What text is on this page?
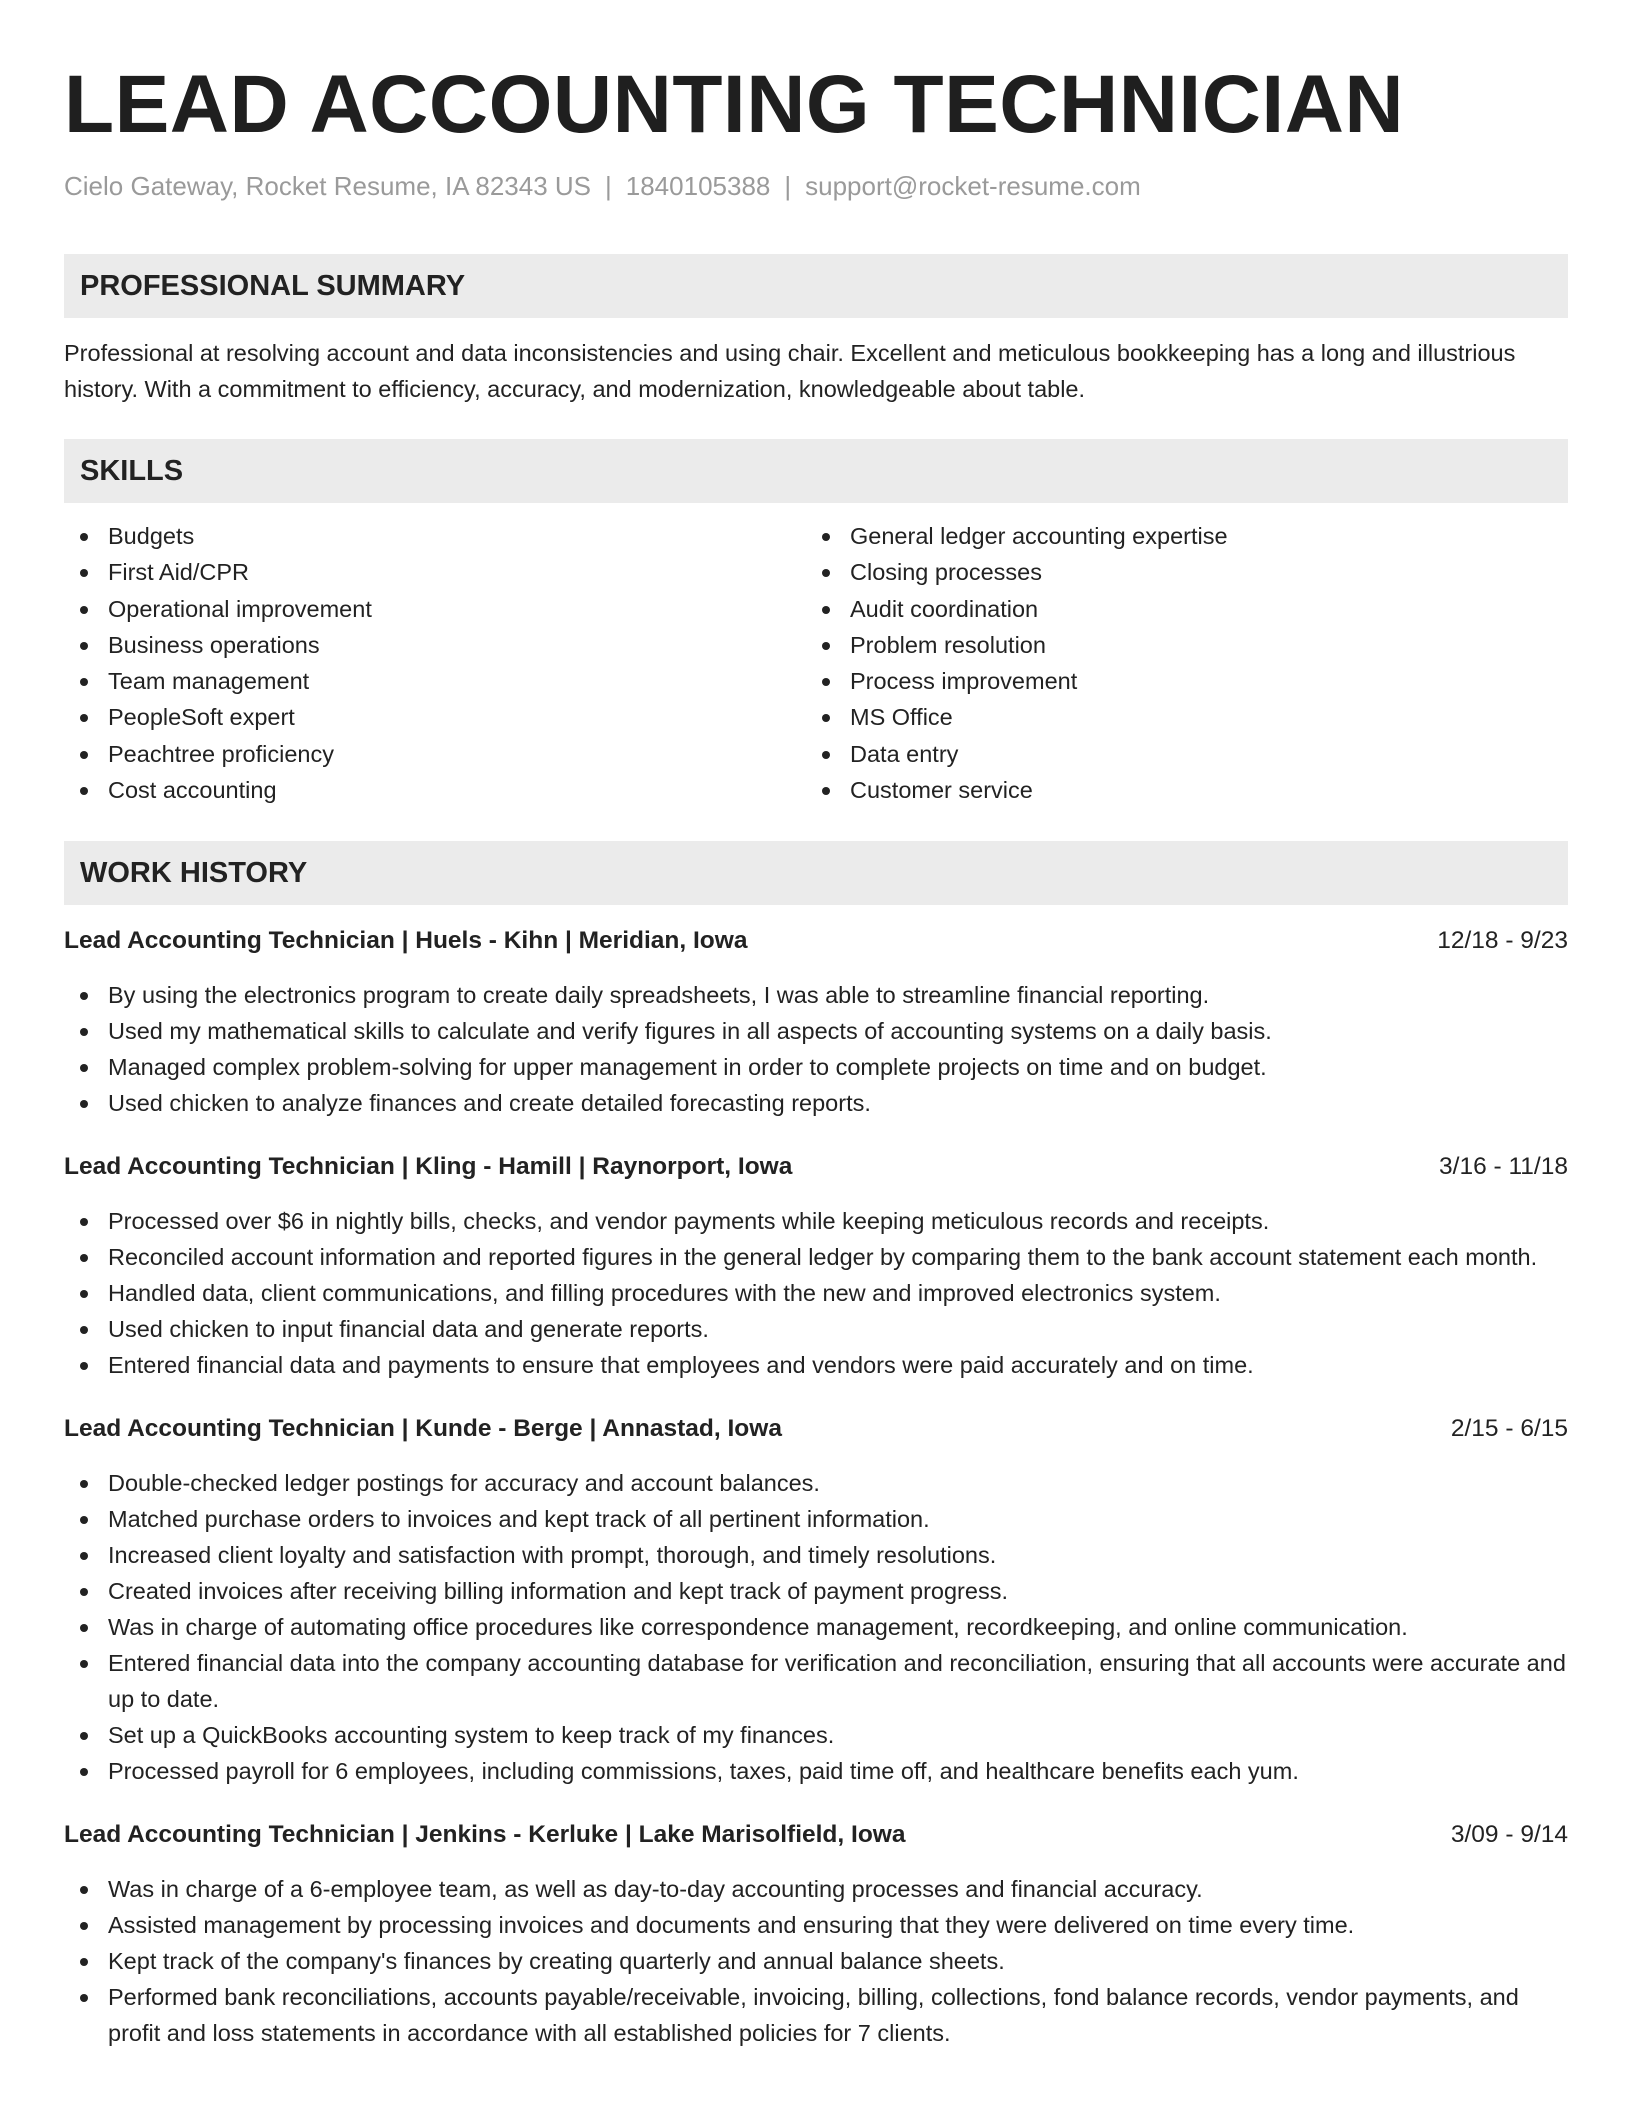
LEAD ACCOUNTING TECHNICIAN
Cielo Gateway, Rocket Resume, IA 82343 US | 1840105388 | support@rocket-resume.com
PROFESSIONAL SUMMARY
Professional at resolving account and data inconsistencies and using chair. Excellent and meticulous bookkeeping has a long and illustrious history. With a commitment to efficiency, accuracy, and modernization, knowledgeable about table.
SKILLS
Budgets
First Aid/CPR
Operational improvement
Business operations
Team management
PeopleSoft expert
Peachtree proficiency
Cost accounting
General ledger accounting expertise
Closing processes
Audit coordination
Problem resolution
Process improvement
MS Office
Data entry
Customer service
WORK HISTORY
Lead Accounting Technician | Huels - Kihn | Meridian, Iowa	12/18 - 9/23
By using the electronics program to create daily spreadsheets, I was able to streamline financial reporting.
Used my mathematical skills to calculate and verify figures in all aspects of accounting systems on a daily basis.
Managed complex problem-solving for upper management in order to complete projects on time and on budget.
Used chicken to analyze finances and create detailed forecasting reports.
Lead Accounting Technician | Kling - Hamill | Raynorport, Iowa	3/16 - 11/18
Processed over $6 in nightly bills, checks, and vendor payments while keeping meticulous records and receipts.
Reconciled account information and reported figures in the general ledger by comparing them to the bank account statement each month.
Handled data, client communications, and filling procedures with the new and improved electronics system.
Used chicken to input financial data and generate reports.
Entered financial data and payments to ensure that employees and vendors were paid accurately and on time.
Lead Accounting Technician | Kunde - Berge | Annastad, Iowa	2/15 - 6/15
Double-checked ledger postings for accuracy and account balances.
Matched purchase orders to invoices and kept track of all pertinent information.
Increased client loyalty and satisfaction with prompt, thorough, and timely resolutions.
Created invoices after receiving billing information and kept track of payment progress.
Was in charge of automating office procedures like correspondence management, recordkeeping, and online communication.
Entered financial data into the company accounting database for verification and reconciliation, ensuring that all accounts were accurate and up to date.
Set up a QuickBooks accounting system to keep track of my finances.
Processed payroll for 6 employees, including commissions, taxes, paid time off, and healthcare benefits each yum.
Lead Accounting Technician | Jenkins - Kerluke | Lake Marisolfield, Iowa	3/09 - 9/14
Was in charge of a 6-employee team, as well as day-to-day accounting processes and financial accuracy.
Assisted management by processing invoices and documents and ensuring that they were delivered on time every time.
Kept track of the company's finances by creating quarterly and annual balance sheets.
Performed bank reconciliations, accounts payable/receivable, invoicing, billing, collections, fond balance records, vendor payments, and profit and loss statements in accordance with all established policies for 7 clients.
